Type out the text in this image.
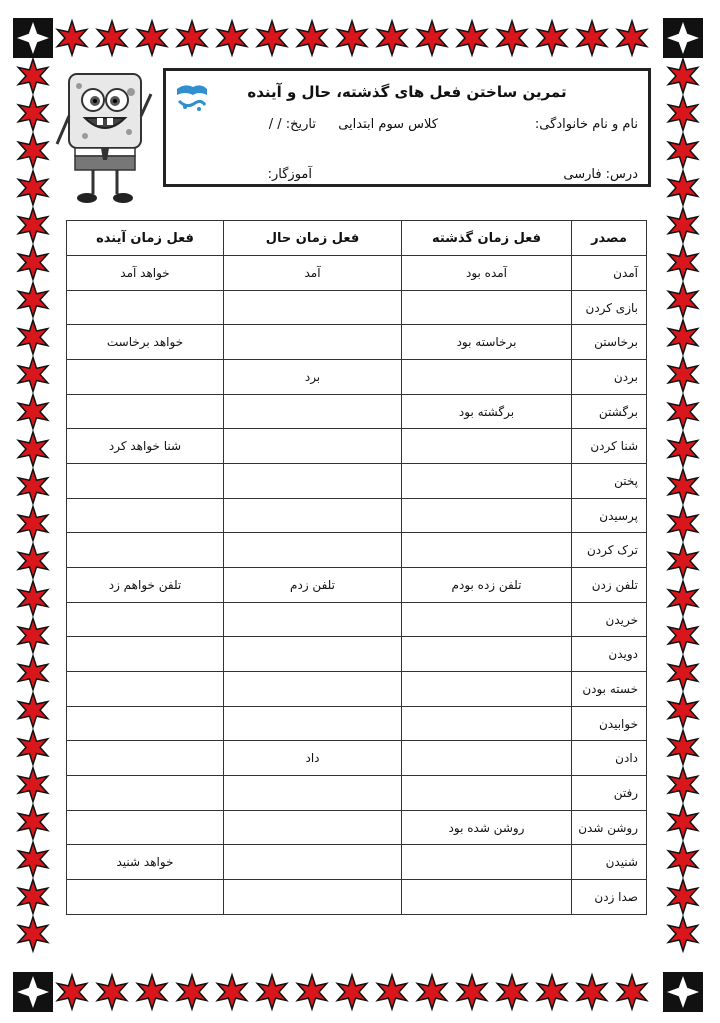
تمرین ساختن فعل های گذشته، حال و آینده
نام و نام خانوادگی:
کلاس سوم ابتدایی
تاریخ: / /
درس: فارسی
آموزگار:
مصدر	فعل زمان گذشته	فعل زمان حال	فعل زمان آینده
آمدن	آمده بود	آمد	خواهد آمد
بازی کردن			
برخاستن	برخاسته بود		خواهد برخاست
بردن		برد	
برگشتن	برگشته بود		
شنا کردن			شنا خواهد کرد
پختن			
پرسیدن			
ترک کردن			
تلفن زدن	تلفن زده بودم	تلفن زدم	تلفن خواهم زد
خریدن			
دویدن			
خسته بودن			
خوابیدن			
دادن		داد	
رفتن			
روشن شدن	روشن شده بود		
شنیدن			خواهد شنید
صدا زدن			
